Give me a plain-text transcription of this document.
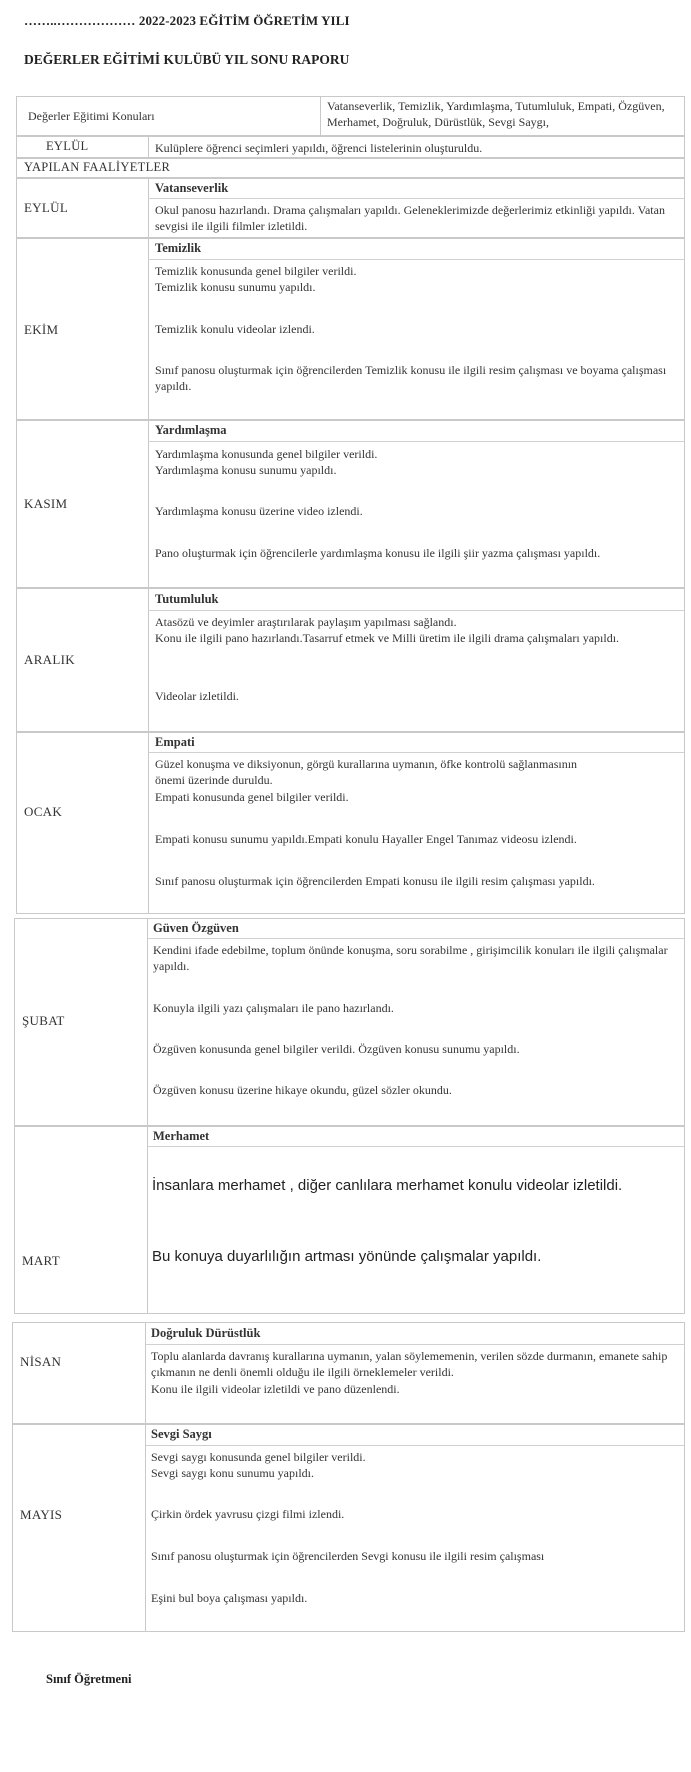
……..……………… 2022-2023 EĞİTİM ÖĞRETİM YILI
DEĞERLER EĞİTİMİ KULÜBÜ YIL SONU RAPORU
Değerler Eğitimi Konuları
Vatanseverlik, Temizlik, Yardımlaşma, Tutumluluk, Empati, Özgüven, Merhamet, Doğruluk, Dürüstlük, Sevgi Saygı,
EYLÜL	Kulüplere öğrenci seçimleri yapıldı, öğrenci listelerinin oluşturuldu.
YAPILAN FAALİYETLER
EYLÜL
Vatanseverlik
Okul panosu hazırlandı. Drama çalışmaları yapıldı. Geleneklerimizde değerlerimiz etkinliği yapıldı. Vatan sevgisi ile ilgili filmler izletildi.
EKİM
Temizlik
Temizlik konusunda genel bilgiler verildi.
Temizlik konusu sunumu yapıldı.
Temizlik konulu videolar izlendi.
Sınıf panosu oluşturmak için öğrencilerden Temizlik konusu ile ilgili resim çalışması ve boyama çalışması yapıldı.
KASIM
Yardımlaşma
Yardımlaşma konusunda genel bilgiler verildi.
Yardımlaşma konusu sunumu yapıldı.
Yardımlaşma konusu üzerine video izlendi.
Pano oluşturmak için öğrencilerle yardımlaşma konusu ile ilgili şiir yazma çalışması yapıldı.
ARALIK
Tutumluluk
Atasözü ve deyimler araştırılarak paylaşım yapılması sağlandı.
Konu ile ilgili pano hazırlandı.Tasarruf etmek ve Milli üretim ile ilgili drama çalışmaları yapıldı.
Videolar izletildi.
OCAK
Empati
Güzel konuşma ve diksiyonun, görgü kurallarına uymanın, öfke kontrolü sağlanmasının önemi üzerinde duruldu.
Empati konusunda genel bilgiler verildi.
Empati konusu sunumu yapıldı.Empati konulu Hayaller Engel Tanımaz videosu izlendi.
Sınıf panosu oluşturmak için öğrencilerden Empati konusu ile ilgili resim çalışması yapıldı.
ŞUBAT
Güven Özgüven
Kendini ifade edebilme, toplum önünde konuşma, soru sorabilme , girişimcilik konuları ile ilgili çalışmalar yapıldı.
Konuyla ilgili yazı çalışmaları ile pano hazırlandı.
Özgüven konusunda genel bilgiler verildi. Özgüven konusu sunumu yapıldı.
Özgüven konusu üzerine hikaye okundu, güzel sözler okundu.
MART
Merhamet
İnsanlara merhamet , diğer canlılara merhamet konulu videolar izletildi.
Bu konuya duyarlılığın artması yönünde çalışmalar yapıldı.
NİSAN
Doğruluk Dürüstlük
Toplu alanlarda davranış kurallarına uymanın, yalan söylememenin, verilen sözde durmanın, emanete sahip çıkmanın ne denli önemli olduğu ile ilgili örneklemeler verildi.
Konu ile ilgili videolar izletildi ve pano düzenlendi.
MAYIS
Sevgi Saygı
Sevgi saygı konusunda genel bilgiler verildi.
Sevgi saygı konu sunumu yapıldı.
Çirkin ördek yavrusu çizgi filmi izlendi.
Sınıf panosu oluşturmak için öğrencilerden Sevgi konusu ile ilgili resim çalışması
Eşini bul boya çalışması yapıldı.
Sınıf Öğretmeni
